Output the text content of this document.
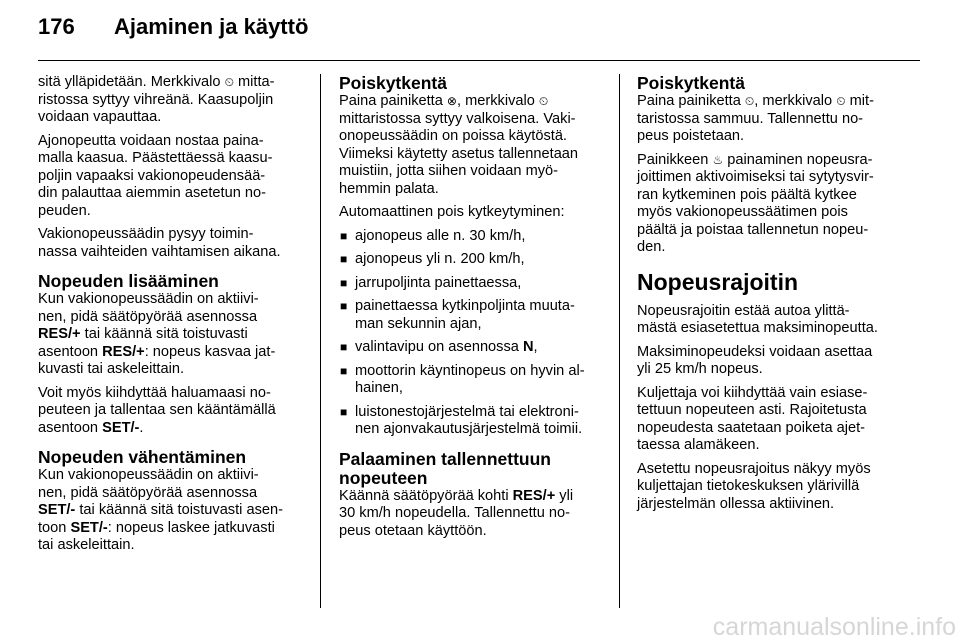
176 Ajaminen ja käyttö

sitä ylläpidetään. Merkkivalo ⏲ mitta-
ristossa syttyy vihreänä. Kaasupoljin
voidaan vapauttaa.

Ajonopeutta voidaan nostaa paina-
malla kaasua. Päästettäessä kaasu-
poljin vapaaksi vakionopeudensää-
din palauttaa aiemmin asetetun no-
peuden.

Vakionopeussäädin pysyy toimin-
nassa vaihteiden vaihtamisen aikana.

Nopeuden lisääminen

Kun vakionopeussäädin on aktiivi-
nen, pidä säätöpyörää asennossa
RES/+ tai käännä sitä toistuvasti
asentoon RES/+: nopeus kasvaa jat-
kuvasti tai askeleittain.

Voit myös kiihdyttää haluamaasi no-
peuteen ja tallentaa sen kääntämällä
asentoon SET/-.

Nopeuden vähentäminen

Kun vakionopeussäädin on aktiivi-
nen, pidä säätöpyörää asennossa
SET/- tai käännä sitä toistuvasti asen-
toon SET/-: nopeus laskee jatkuvasti
tai askeleittain.

Poiskytkentä

Paina painiketta ⊗, merkkivalo ⏲
mittaristossa syttyy valkoisena. Vaki-
onopeussäädin on poissa käytöstä.
Viimeksi käytetty asetus tallennetaan
muistiin, jotta siihen voidaan myö-
hemmin palata.

Automaattinen pois kytkeytyminen:

■ ajonopeus alle n. 30 km/h,
■ ajonopeus yli n. 200 km/h,
■ jarrupoljinta painettaessa,
■ painettaessa kytkinpoljinta muuta-
man sekunnin ajan,
■ valintavipu on asennossa N,
■ moottorin käyntinopeus on hyvin al-
hainen,
■ luistonestojärjestelmä tai elektroni-
nen ajonvakautusjärjestelmä toimii.
Palaaminen tallennettuun
nopeuteen

Käännä säätöpyörää kohti RES/+ yli
30 km/h nopeudella. Tallennettu no-
peus otetaan käyttöön.

Poiskytkentä

Paina painiketta ⏲, merkkivalo ⏲ mit-
taristossa sammuu. Tallennettu no-
peus poistetaan.

Painikkeen ♨ painaminen nopeusra-
joittimen aktivoimiseksi tai sytytysvir-
ran kytkeminen pois päältä kytkee
myös vakionopeussäätimen pois
päältä ja poistaa tallennetun nopeu-
den.

Nopeusrajoitin

Nopeusrajoitin estää autoa ylittä-
mästä esiasetettua maksiminopeutta.

Maksiminopeudeksi voidaan asettaa
yli 25 km/h nopeus.

Kuljettaja voi kiihdyttää vain esiase-
tettuun nopeuteen asti. Rajoitetusta
nopeudesta saatetaan poiketa ajet-
taessa alamäkeen.

Asetettu nopeusrajoitus näkyy myös
kuljettajan tietokeskuksen ylärivillä
järjestelmän ollessa aktiivinen.

carmanualsonline.info
